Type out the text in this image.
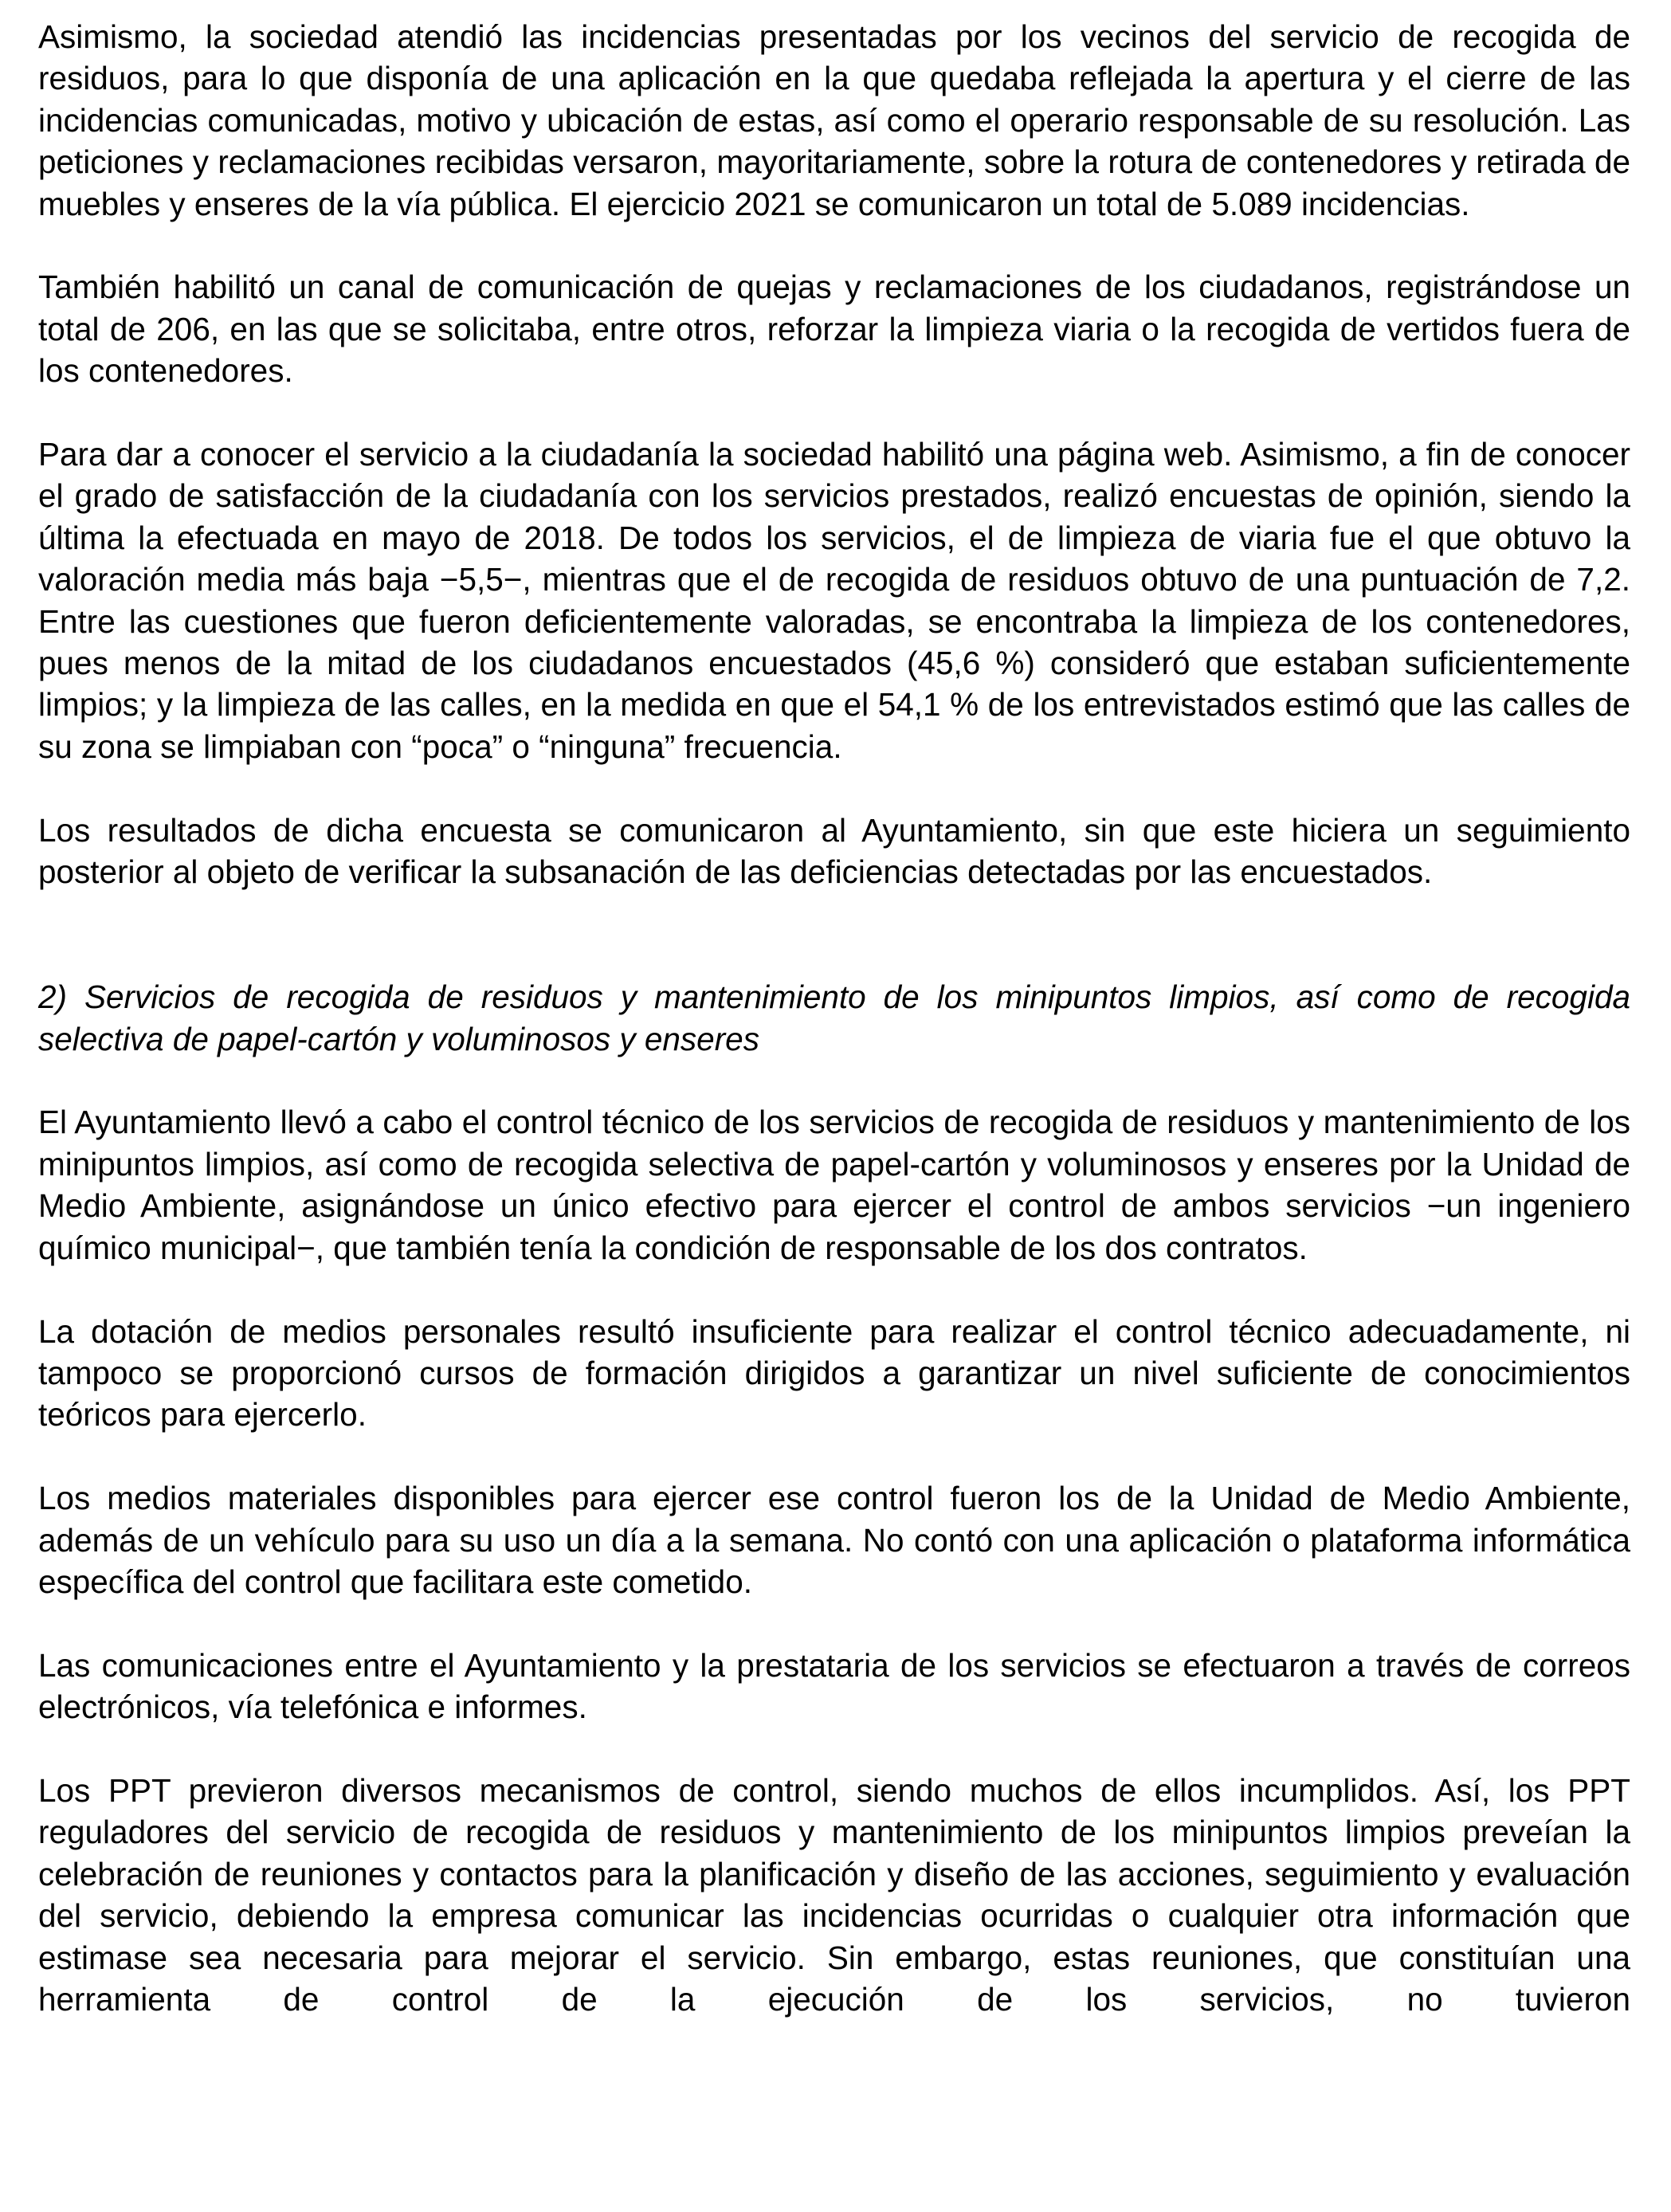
Asimismo, la sociedad atendió las incidencias presentadas por los vecinos del servicio de recogida de residuos, para lo que disponía de una aplicación en la que quedaba reflejada la apertura y el cierre de las incidencias comunicadas, motivo y ubicación de estas, así como el operario responsable de su resolución. Las peticiones y reclamaciones recibidas versaron, mayoritariamente, sobre la rotura de contenedores y retirada de muebles y enseres de la vía pública. El ejercicio 2021 se comunicaron un total de 5.089 incidencias.

También habilitó un canal de comunicación de quejas y reclamaciones de los ciudadanos, registrándose un total de 206, en las que se solicitaba, entre otros, reforzar la limpieza viaria o la recogida de vertidos fuera de los contenedores.

Para dar a conocer el servicio a la ciudadanía la sociedad habilitó una página web. Asimismo, a fin de conocer el grado de satisfacción de la ciudadanía con los servicios prestados, realizó encuestas de opinión, siendo la última la efectuada en mayo de 2018. De todos los servicios, el de limpieza de viaria fue el que obtuvo la valoración media más baja −5,5−, mientras que el de recogida de residuos obtuvo de una puntuación de 7,2. Entre las cuestiones que fueron deficientemente valoradas, se encontraba la limpieza de los contenedores, pues menos de la mitad de los ciudadanos encuestados (45,6 %) consideró que estaban suficientemente limpios; y la limpieza de las calles, en la medida en que el 54,1 % de los entrevistados estimó que las calles de su zona se limpiaban con “poca” o “ninguna” frecuencia.

Los resultados de dicha encuesta se comunicaron al Ayuntamiento, sin que este hiciera un seguimiento posterior al objeto de verificar la subsanación de las deficiencias detectadas por las encuestados.

2) Servicios de recogida de residuos y mantenimiento de los minipuntos limpios, así como de recogida selectiva de papel-cartón y voluminosos y enseres

El Ayuntamiento llevó a cabo el control técnico de los servicios de recogida de residuos y mantenimiento de los minipuntos limpios, así como de recogida selectiva de papel-cartón y voluminosos y enseres por la Unidad de Medio Ambiente, asignándose un único efectivo para ejercer el control de ambos servicios −un ingeniero químico municipal−, que también tenía la condición de responsable de los dos contratos.

La dotación de medios personales resultó insuficiente para realizar el control técnico adecuadamente, ni tampoco se proporcionó cursos de formación dirigidos a garantizar un nivel suficiente de conocimientos teóricos para ejercerlo.

Los medios materiales disponibles para ejercer ese control fueron los de la Unidad de Medio Ambiente, además de un vehículo para su uso un día a la semana. No contó con una aplicación o plataforma informática específica del control que facilitara este cometido.

Las comunicaciones entre el Ayuntamiento y la prestataria de los servicios se efectuaron a través de correos electrónicos, vía telefónica e informes.

Los PPT previeron diversos mecanismos de control, siendo muchos de ellos incumplidos. Así, los PPT reguladores del servicio de recogida de residuos y mantenimiento de los minipuntos limpios preveían la celebración de reuniones y contactos para la planificación y diseño de las acciones, seguimiento y evaluación del servicio, debiendo la empresa comunicar las incidencias ocurridas o cualquier otra información que estimase sea necesaria para mejorar el servicio. Sin embargo, estas reuniones, que constituían una herramienta de control de la ejecución de los servicios, no tuvieron
